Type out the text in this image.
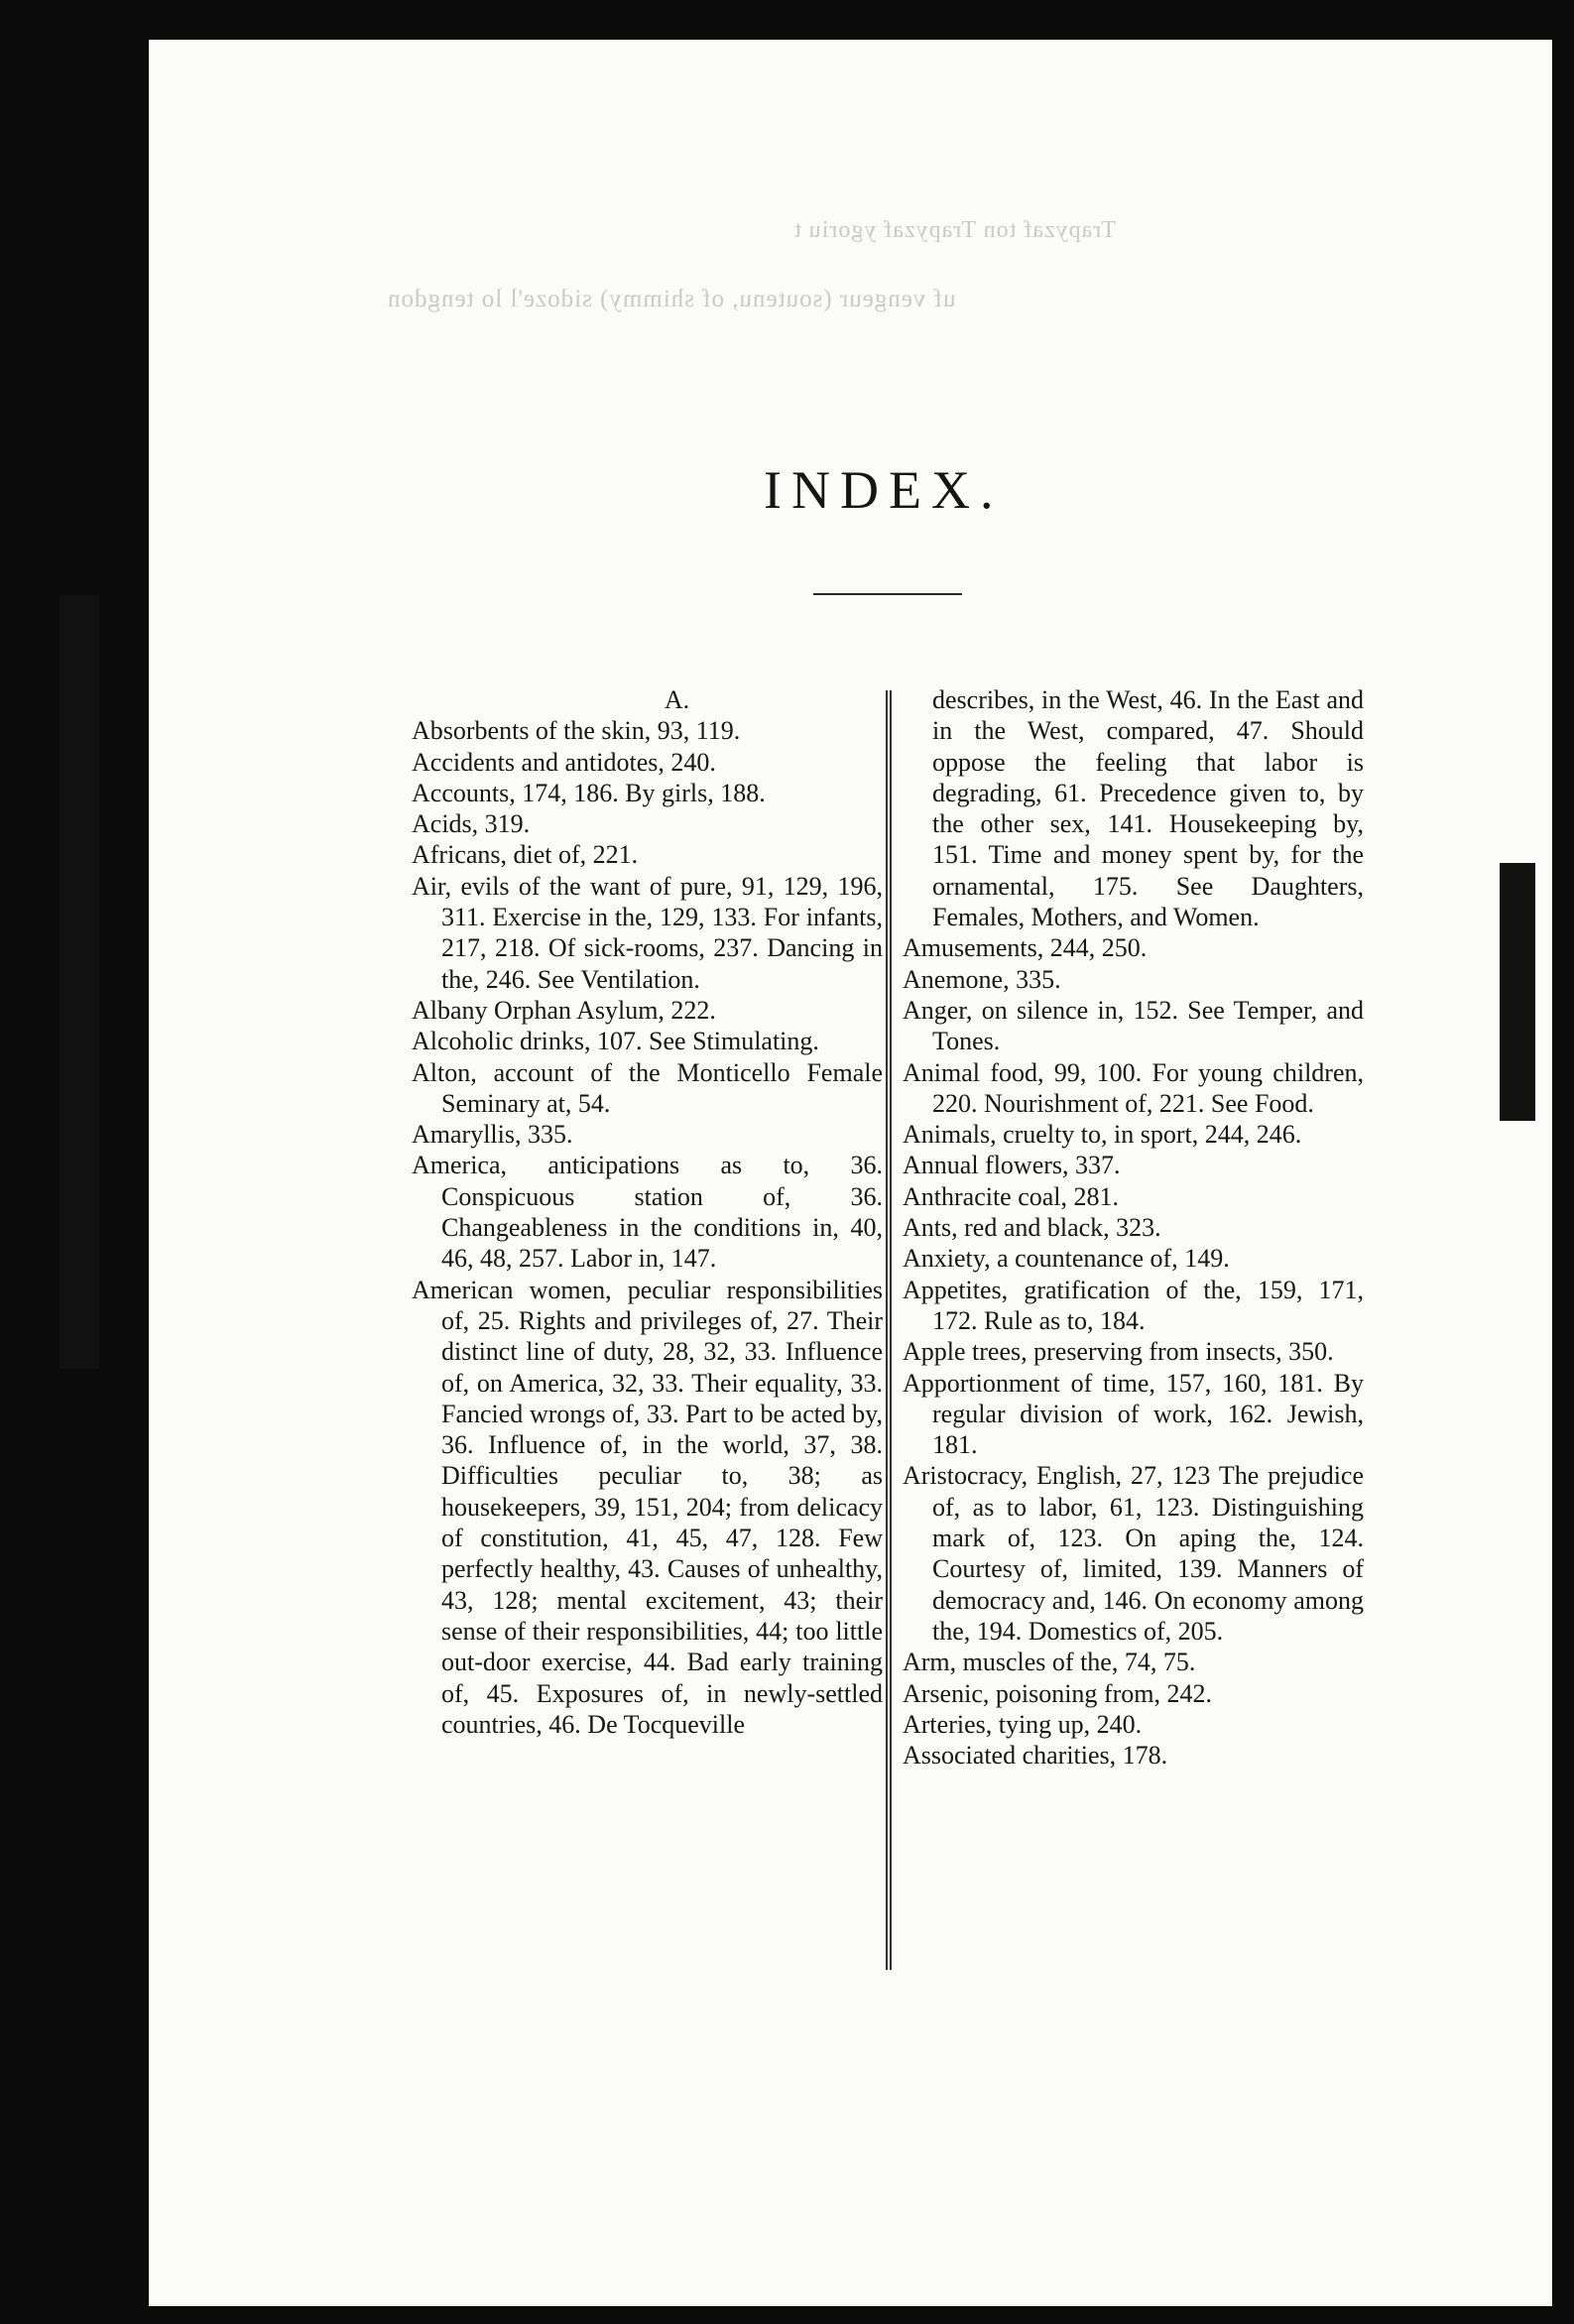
uf vengeur (soutenu, of shimmy) sidoze'l lo tengdon
Trapyzaf ton Trapyzaf ygoriu t
INDEX.

A.

Absorbents of the skin, 93, 119.

Accidents and antidotes, 240.

Accounts, 174, 186. By girls, 188.

Acids, 319.

Africans, diet of, 221.

Air, evils of the want of pure, 91, 129, 196, 311. Exercise in the, 129, 133. For infants, 217, 218. Of sick-rooms, 237. Dancing in the, 246. See Ventilation.

Albany Orphan Asylum, 222.

Alcoholic drinks, 107. See Stimulating.

Alton, account of the Monticello Female Seminary at, 54.

Amaryllis, 335.

America, anticipations as to, 36. Conspicuous station of, 36. Changeableness in the conditions in, 40, 46, 48, 257. Labor in, 147.

American women, peculiar responsibilities of, 25. Rights and privileges of, 27. Their distinct line of duty, 28, 32, 33. Influence of, on America, 32, 33. Their equality, 33. Fancied wrongs of, 33. Part to be acted by, 36. Influence of, in the world, 37, 38. Difficulties peculiar to, 38; as housekeepers, 39, 151, 204; from delicacy of constitution, 41, 45, 47, 128. Few perfectly healthy, 43. Causes of unhealthy, 43, 128; mental excitement, 43; their sense of their responsibilities, 44; too little out-door exercise, 44. Bad early training of, 45. Exposures of, in newly-settled countries, 46. De Tocqueville

describes, in the West, 46. In the East and in the West, compared, 47. Should oppose the feeling that labor is degrading, 61. Precedence given to, by the other sex, 141. Housekeeping by, 151. Time and money spent by, for the ornamental, 175. See Daughters, Females, Mothers, and Women.

Amusements, 244, 250.

Anemone, 335.

Anger, on silence in, 152. See Temper, and Tones.

Animal food, 99, 100. For young children, 220. Nourishment of, 221. See Food.

Animals, cruelty to, in sport, 244, 246.

Annual flowers, 337.

Anthracite coal, 281.

Ants, red and black, 323.

Anxiety, a countenance of, 149.

Appetites, gratification of the, 159, 171, 172. Rule as to, 184.

Apple trees, preserving from insects, 350.

Apportionment of time, 157, 160, 181. By regular division of work, 162. Jewish, 181.

Aristocracy, English, 27, 123 The prejudice of, as to labor, 61, 123. Distinguishing mark of, 123. On aping the, 124. Courtesy of, limited, 139. Manners of democracy and, 146. On economy among the, 194. Domestics of, 205.

Arm, muscles of the, 74, 75.

Arsenic, poisoning from, 242.

Arteries, tying up, 240.

Associated charities, 178.
